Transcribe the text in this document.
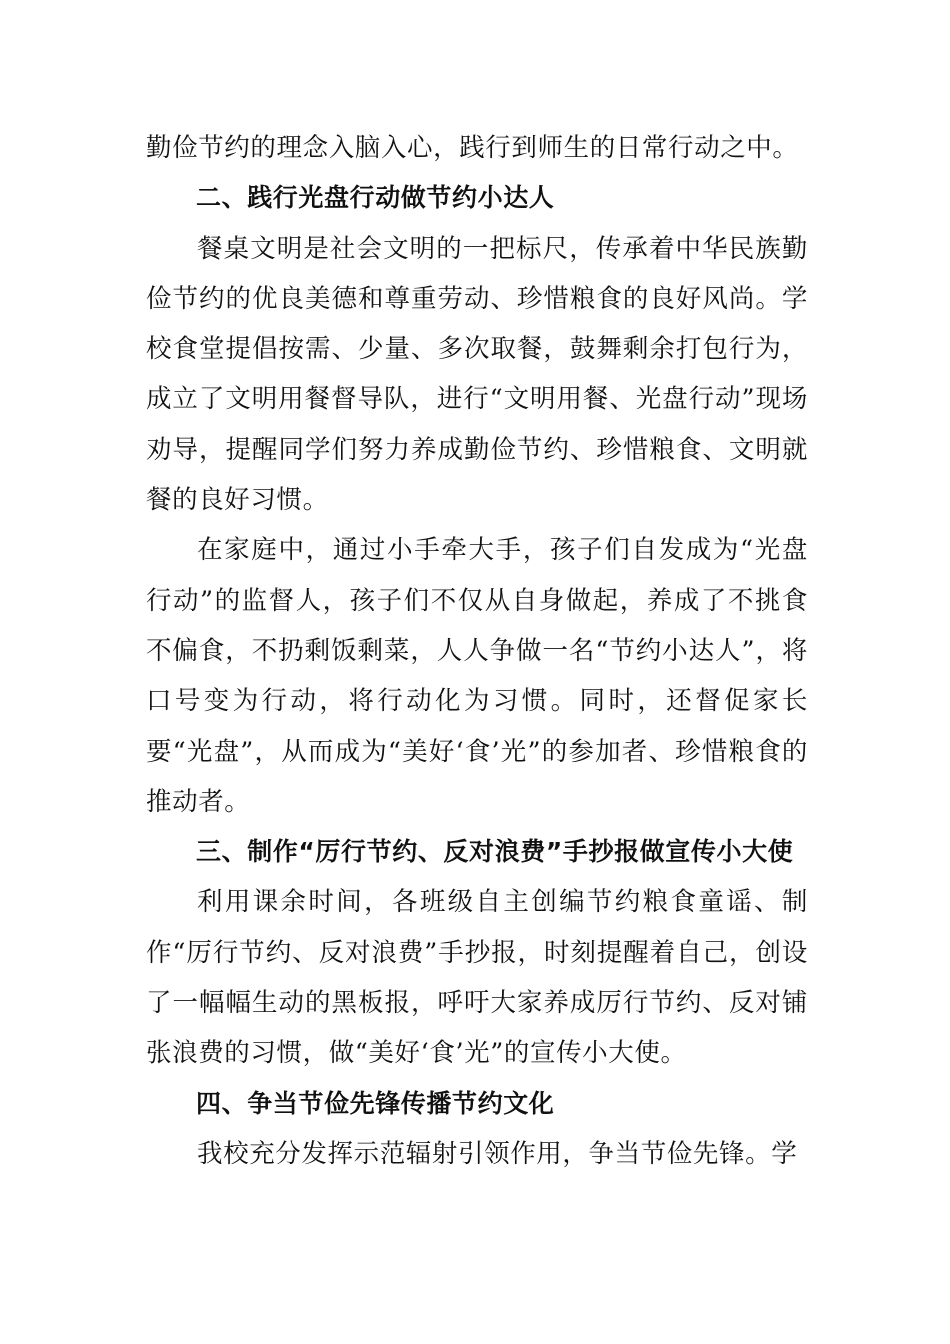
勤俭节约的理念入脑入心，践行到师生的日常行动之中。

二、践行光盘行动做节约小达人

餐桌文明是社会文明的一把标尺，传承着中华民族勤俭节约的优良美德和尊重劳动、珍惜粮食的良好风尚。学校食堂提倡按需、少量、多次取餐，鼓舞剩余打包行为，成立了文明用餐督导队，进行“文明用餐、光盘行动”现场劝导，提醒同学们努力养成勤俭节约、珍惜粮食、文明就餐的良好习惯。

在家庭中，通过小手牵大手，孩子们自发成为“光盘行动”的监督人，孩子们不仅从自身做起，养成了不挑食不偏食，不扔剩饭剩菜，人人争做一名“节约小达人”，将口号变为行动，将行动化为习惯。同时，还督促家长要“光盘”，从而成为“美好‘食’光”的参加者、珍惜粮食的推动者。

三、制作“厉行节约、反对浪费”手抄报做宣传小大使

利用课余时间，各班级自主创编节约粮食童谣、制作“厉行节约、反对浪费”手抄报，时刻提醒着自己，创设了一幅幅生动的黑板报，呼吁大家养成厉行节约、反对铺张浪费的习惯，做“美好‘食’光”的宣传小大使。

四、争当节俭先锋传播节约文化

我校充分发挥示范辐射引领作用，争当节俭先锋。学
